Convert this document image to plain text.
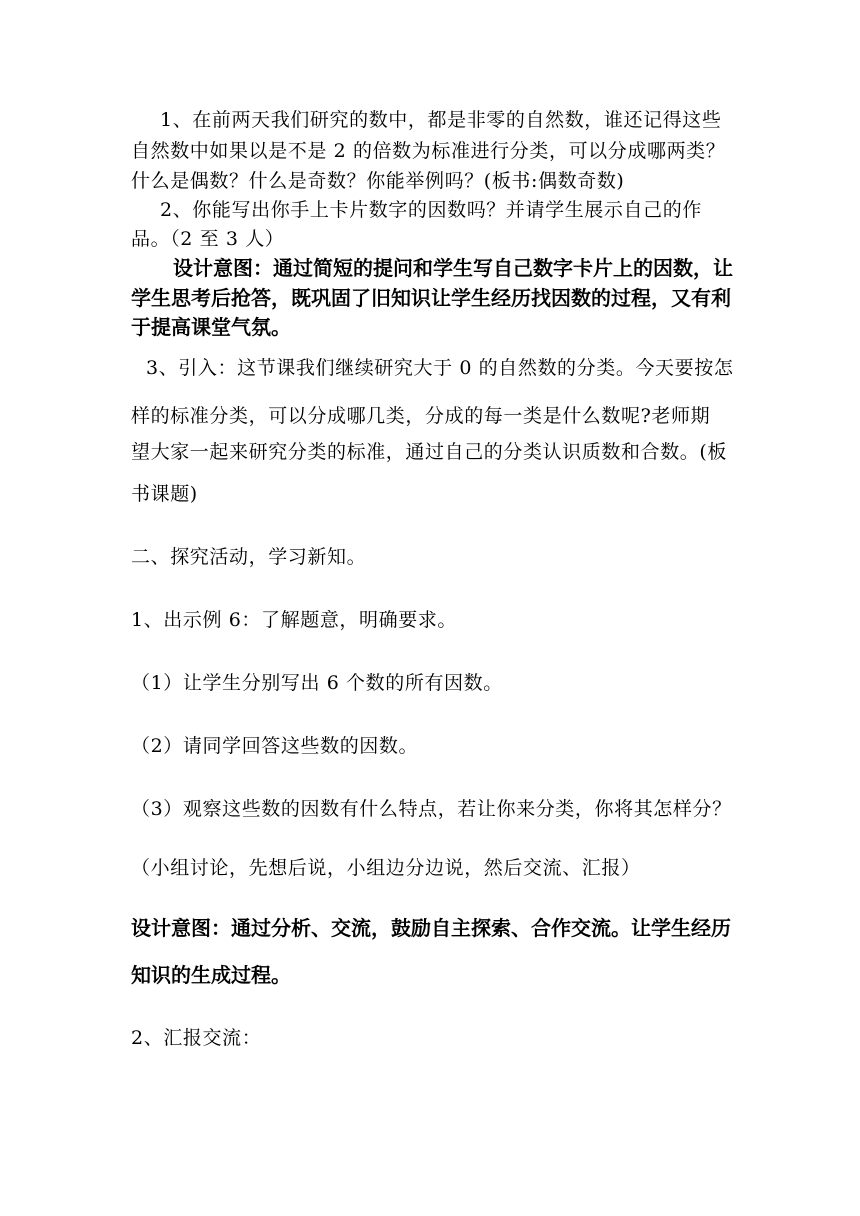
1、在前两天我们研究的数中，都是非零的自然数，谁还记得这些
自然数中如果以是不是 2 的倍数为标准进行分类，可以分成哪两类？
什么是偶数？什么是奇数？你能举例吗？(板书:偶数奇数)
2、你能写出你手上卡片数字的因数吗？并请学生展示自己的作
品。（2 至 3 人）
设计意图：通过简短的提问和学生写自己数字卡片上的因数，让
学生思考后抢答，既巩固了旧知识让学生经历找因数的过程，又有利
于提高课堂气氛。
3、引入：这节课我们继续研究大于 0 的自然数的分类。今天要按怎
样的标准分类，可以分成哪几类，分成的每一类是什么数呢?老师期
望大家一起来研究分类的标准，通过自己的分类认识质数和合数。(板
书课题)
二、探究活动，学习新知。
1、出示例 6：了解题意，明确要求。
（1）让学生分别写出 6 个数的所有因数。
（2）请同学回答这些数的因数。
（3）观察这些数的因数有什么特点，若让你来分类，你将其怎样分？
（小组讨论，先想后说，小组边分边说，然后交流、汇报）
设计意图：通过分析、交流，鼓励自主探索、合作交流。让学生经历
知识的生成过程。
2、汇报交流：
